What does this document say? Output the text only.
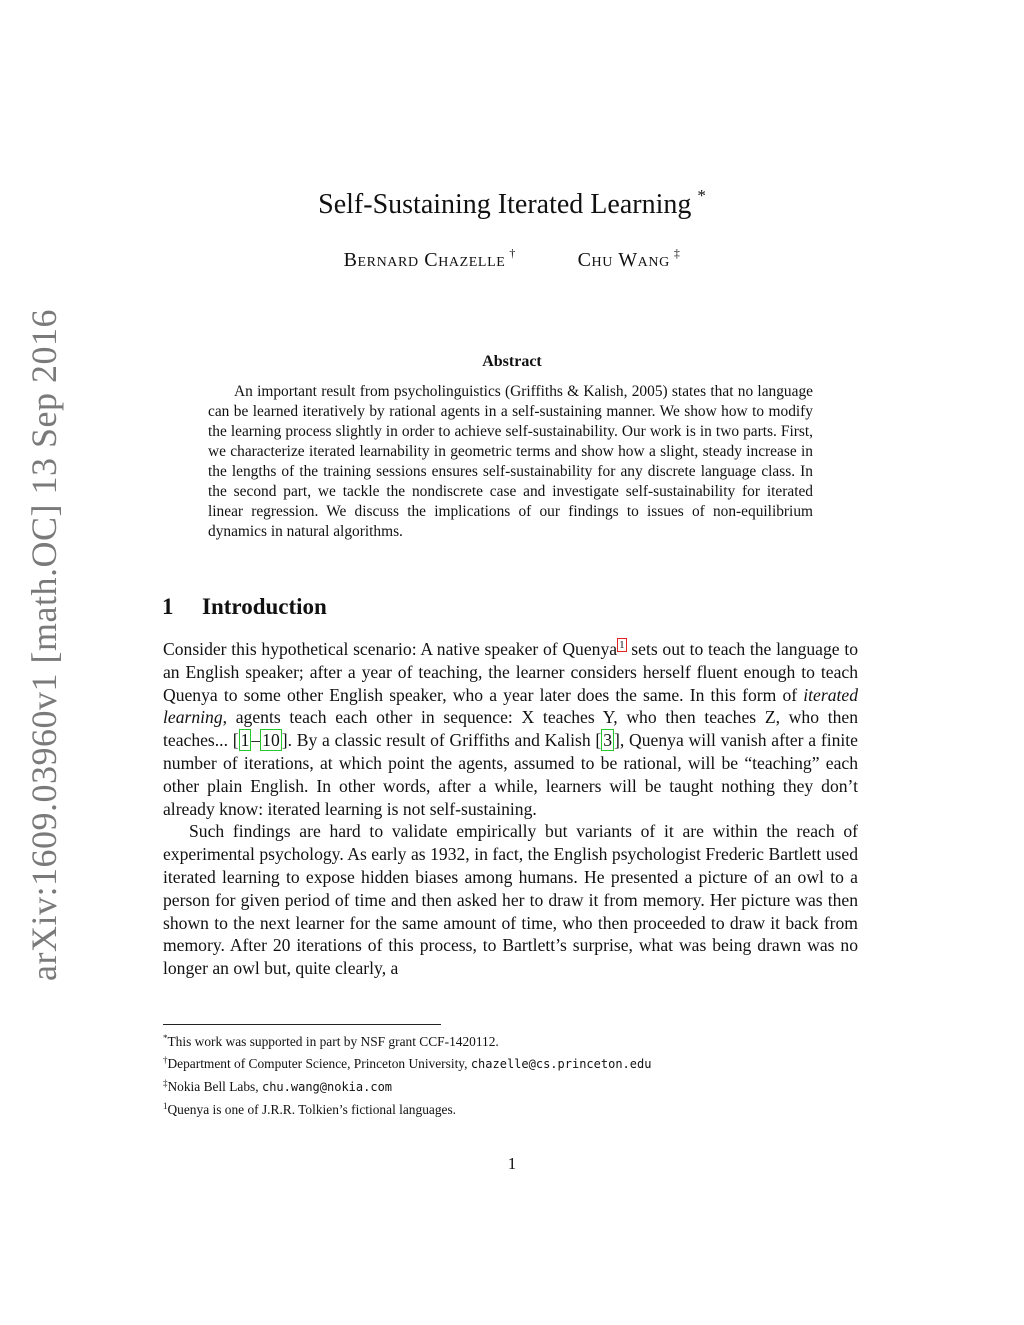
arXiv:1609.03960v1 [math.OC] 13 Sep 2016
Self-Sustaining Iterated Learning *
Bernard Chazelle †	Chu Wang ‡
Abstract
An important result from psycholinguistics (Griffiths & Kalish, 2005) states that no language can be learned iteratively by rational agents in a self-sustaining manner. We show how to modify the learning process slightly in order to achieve self-sustainability. Our work is in two parts. First, we characterize iterated learnability in geometric terms and show how a slight, steady increase in the lengths of the training sessions ensures self-sustainability for any discrete language class. In the second part, we tackle the nondiscrete case and investigate self-sustainability for iterated linear regression. We discuss the implications of our findings to issues of non-equilibrium dynamics in natural algorithms.
1 Introduction

Consider this hypothetical scenario: A native speaker of Quenya $^1$ sets out to teach the language to an English speaker; after a year of teaching, the learner considers herself fluent enough to teach Quenya to some other English speaker, who a year later does the same. In this form of iterated learning, agents teach each other in sequence: X teaches Y, who then teaches Z, who then teaches... [ 1 – 10 ]. By a classic result of Griffiths and Kalish [ 3 ], Quenya will vanish after a finite number of iterations, at which point the agents, assumed to be rational, will be “teaching” each other plain English. In other words, after a while, learners will be taught nothing they don’t already know: iterated learning is not self-sustaining.

Such findings are hard to validate empirically but variants of it are within the reach of experimental psychology. As early as 1932, in fact, the English psychologist Frederic Bartlett used iterated learning to expose hidden biases among humans. He presented a picture of an owl to a person for given period of time and then asked her to draw it from memory. Her picture was then shown to the next learner for the same amount of time, who then proceeded to draw it back from memory. After 20 iterations of this process, to Bartlett’s surprise, what was being drawn was no longer an owl but, quite clearly, a

*This work was supported in part by NSF grant CCF-1420112.
†Department of Computer Science, Princeton University, chazelle@cs.princeton.edu
‡Nokia Bell Labs, chu.wang@nokia.com
$^1$Quenya is one of J.R.R. Tolkien’s fictional languages.
1
